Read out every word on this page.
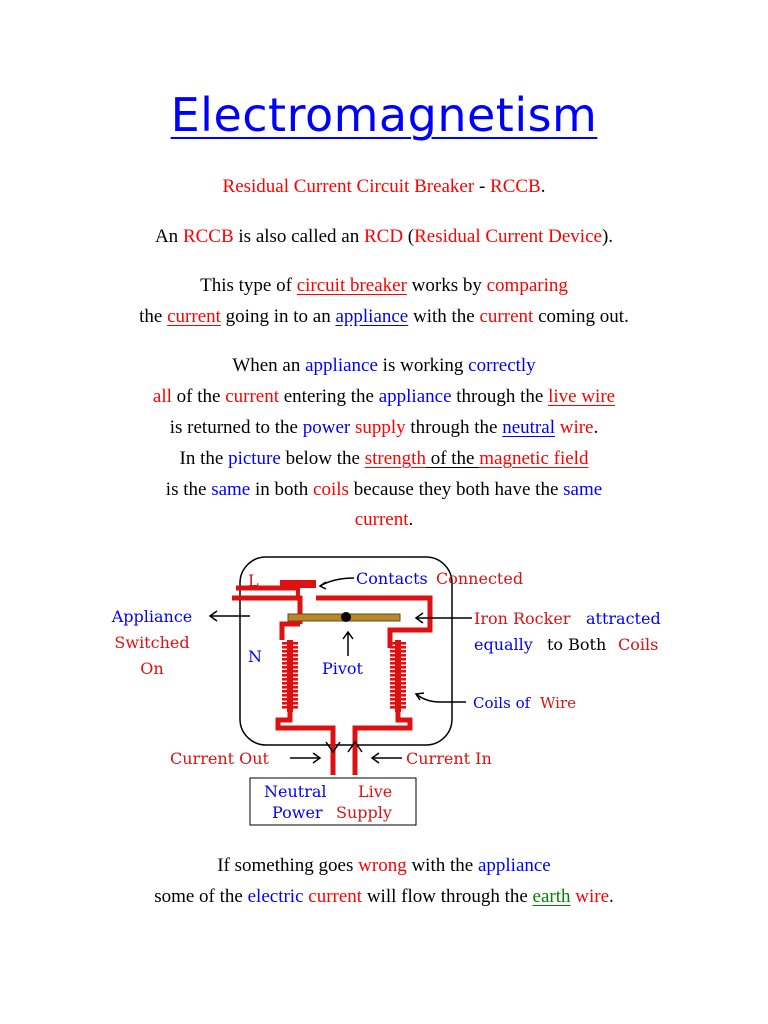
Electromagnetism
Residual Current Circuit Breaker - RCCB.
An RCCB is also called an RCD (Residual Current Device).
This type of circuit breaker works by comparing
the current going in to an appliance with the current coming out.
When an appliance is working correctly
all of the current entering the appliance through the live wire
is returned to the power supply through the neutral wire.
In the picture below the strength of the magnetic field
is the same in both coils because they both have the same
current.
L
N
Contacts Connected
Appliance
Switched
On
Iron Rocker attracted
equally to Both Coils
Pivot
Coils of Wire
Current Out	Current In
Neutral Live
Power Supply
If something goes wrong with the appliance
some of the electric current will flow through the earth wire.
